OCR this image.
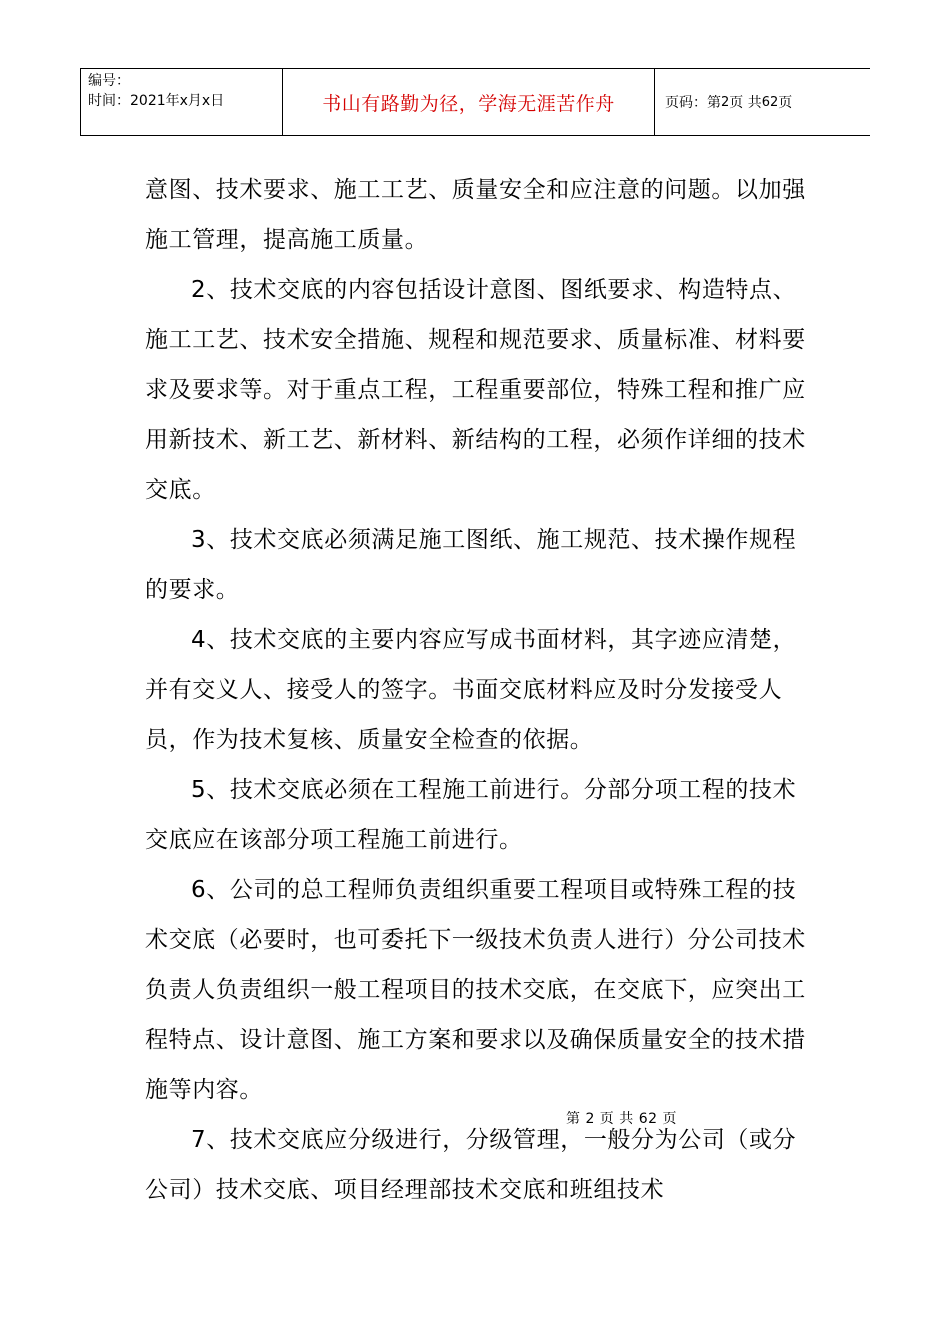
编号：
时间：2021年x月x日	书山有路勤为径，学海无涯苦作舟	页码：第 2 页 共 62 页

意图、技术要求、施工工艺、质量安全和应注意的问题。以加强施工管理，提高施工质量。

2、技术交底的内容包括设计意图、图纸要求、构造特点、施工工艺、技术安全措施、规程和规范要求、质量标准、材料要求及要求等。对于重点工程，工程重要部位，特殊工程和推广应用新技术、新工艺、新材料、新结构的工程，必须作详细的技术交底。

3、技术交底必须满足施工图纸、施工规范、技术操作规程的要求。

4、技术交底的主要内容应写成书面材料，其字迹应清楚，并有交义人、接受人的签字。书面交底材料应及时分发接受人员，作为技术复核、质量安全检查的依据。

5、技术交底必须在工程施工前进行。分部分项工程的技术交底应在该部分项工程施工前进行。

6、公司的总工程师负责组织重要工程项目或特殊工程的技术交底（必要时，也可委托下一级技术负责人进行）分公司技术负责人负责组织一般工程项目的技术交底，在交底下，应突出工程特点、设计意图、施工方案和要求以及确保质量安全的技术措施等内容。

7、技术交底应分级进行，分级管理，一般分为公司（或分公司）技术交底、项目经理部技术交底和班组技术

第 2 页 共 62 页
